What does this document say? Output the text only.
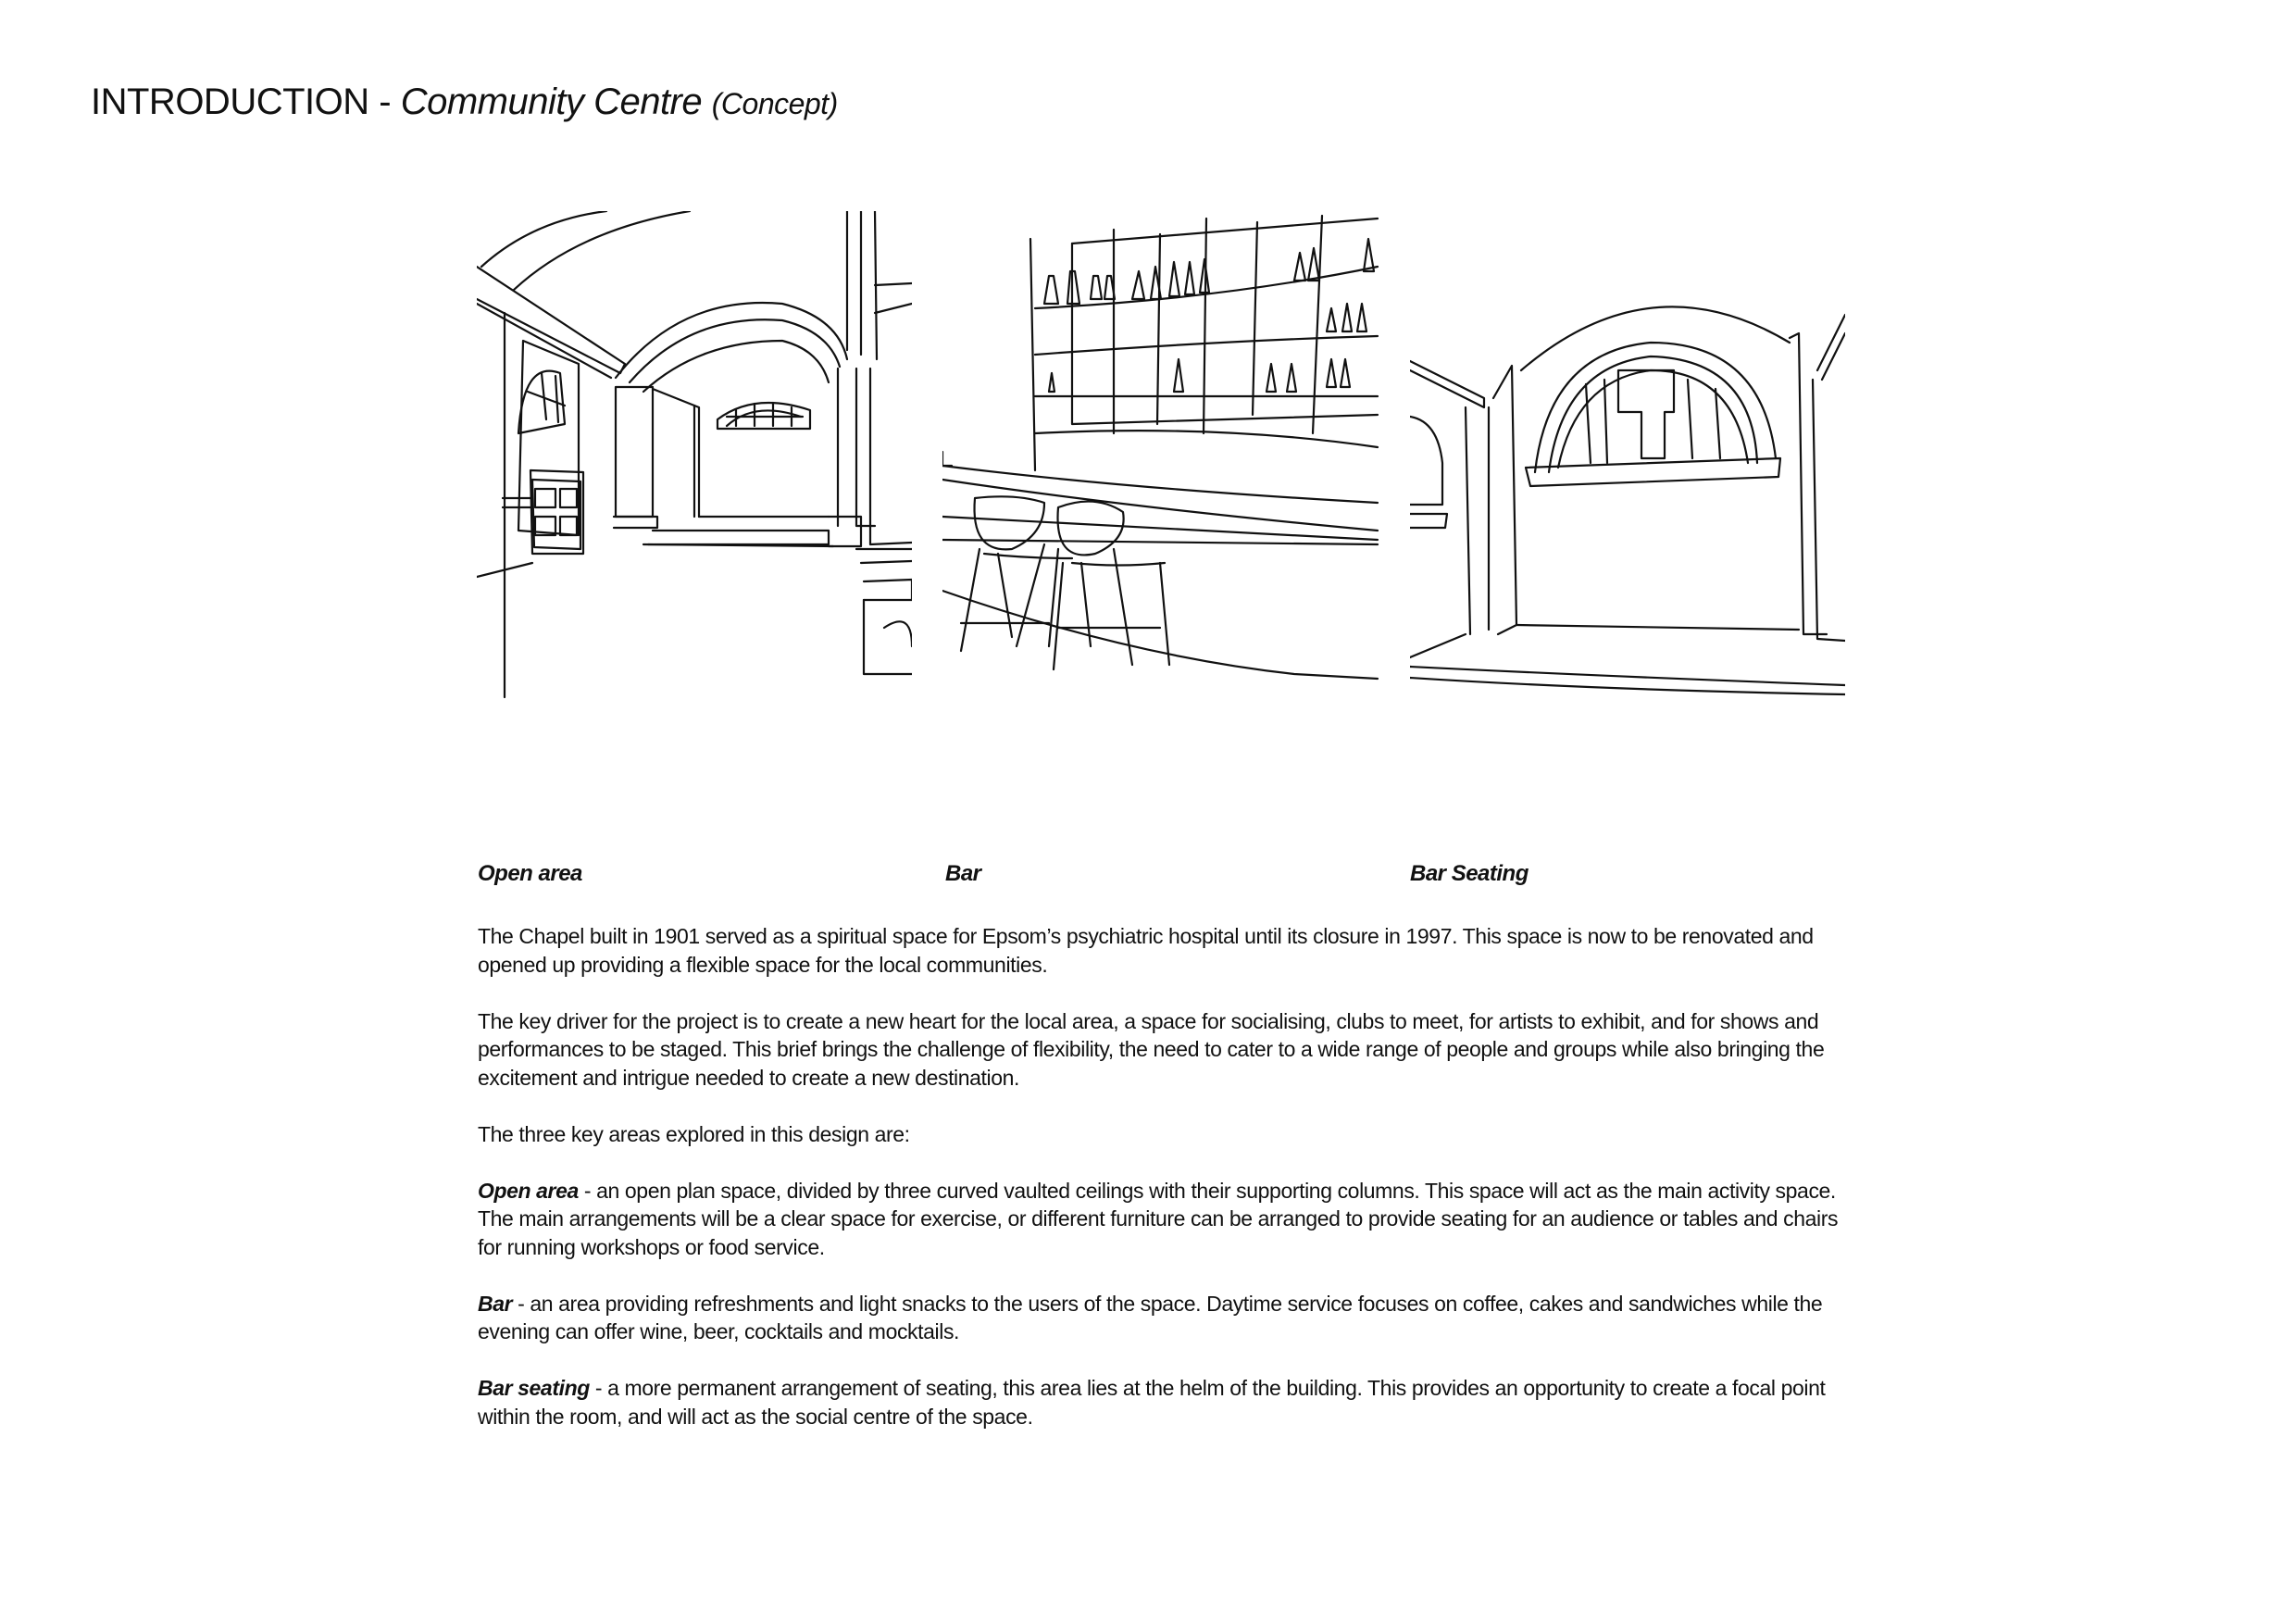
INTRODUCTION - Community Centre (Concept)
Open area	Bar	Bar Seating

The Chapel built in 1901 served as a spiritual space for Epsom’s psychiatric hospital until its closure in 1997. This space is now to be renovated and opened up providing a flexible space for the local communities.

The key driver for the project is to create a new heart for the local area, a space for socialising, clubs to meet, for artists to exhibit, and for shows and performances to be staged. This brief brings the challenge of flexibility, the need to cater to a wide range of people and groups while also bringing the excitement and intrigue needed to create a new destination.

The three key areas explored in this design are:

Open area - an open plan space, divided by three curved vaulted ceilings with their supporting columns. This space will act as the main activity space. The main arrangements will be a clear space for exercise, or different furniture can be arranged to provide seating for an audience or tables and chairs for running workshops or food service.

Bar - an area providing refreshments and light snacks to the users of the space. Daytime service focuses on coffee, cakes and sandwiches while the evening can offer wine, beer, cocktails and mocktails.

Bar seating - a more permanent arrangement of seating, this area lies at the helm of the building. This provides an opportunity to create a focal point within the room, and will act as the social centre of the space.
